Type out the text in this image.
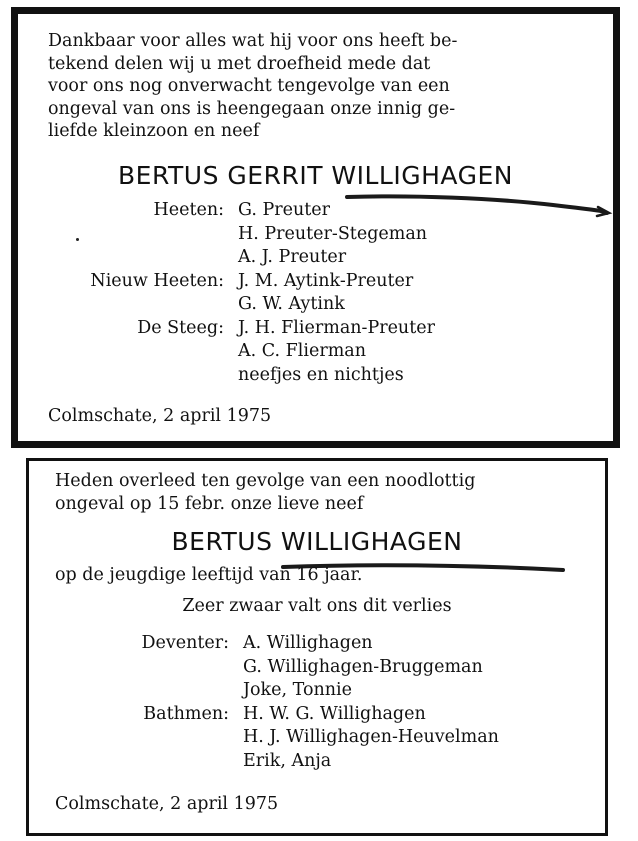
Dankbaar voor alles wat hij voor ons heeft be-
tekend delen wij u met droefheid mede dat
voor ons nog onverwacht tengevolge van een
ongeval van ons is heengegaan onze innig ge-
liefde kleinzoon en neef

BERTUS GERRIT WILLIGHAGEN
Heeten: G. Preuter
H. Preuter-Stegeman
A. J. Preuter
Nieuw Heeten: J. M. Aytink-Preuter
G. W. Aytink
De Steeg: J. H. Flierman-Preuter
A. C. Flierman
neefjes en nichtjes
Colmschate, 2 april 1975

Heden overleed ten gevolge van een noodlottig
ongeval op 15 febr. onze lieve neef

BERTUS WILLIGHAGEN
op de jeugdige leeftijd van 16 jaar.
Zeer zwaar valt ons dit verlies
Deventer: A. Willighagen
G. Willighagen-Bruggeman
Joke, Tonnie
Bathmen: H. W. G. Willighagen
H. J. Willighagen-Heuvelman
Erik, Anja
Colmschate, 2 april 1975
